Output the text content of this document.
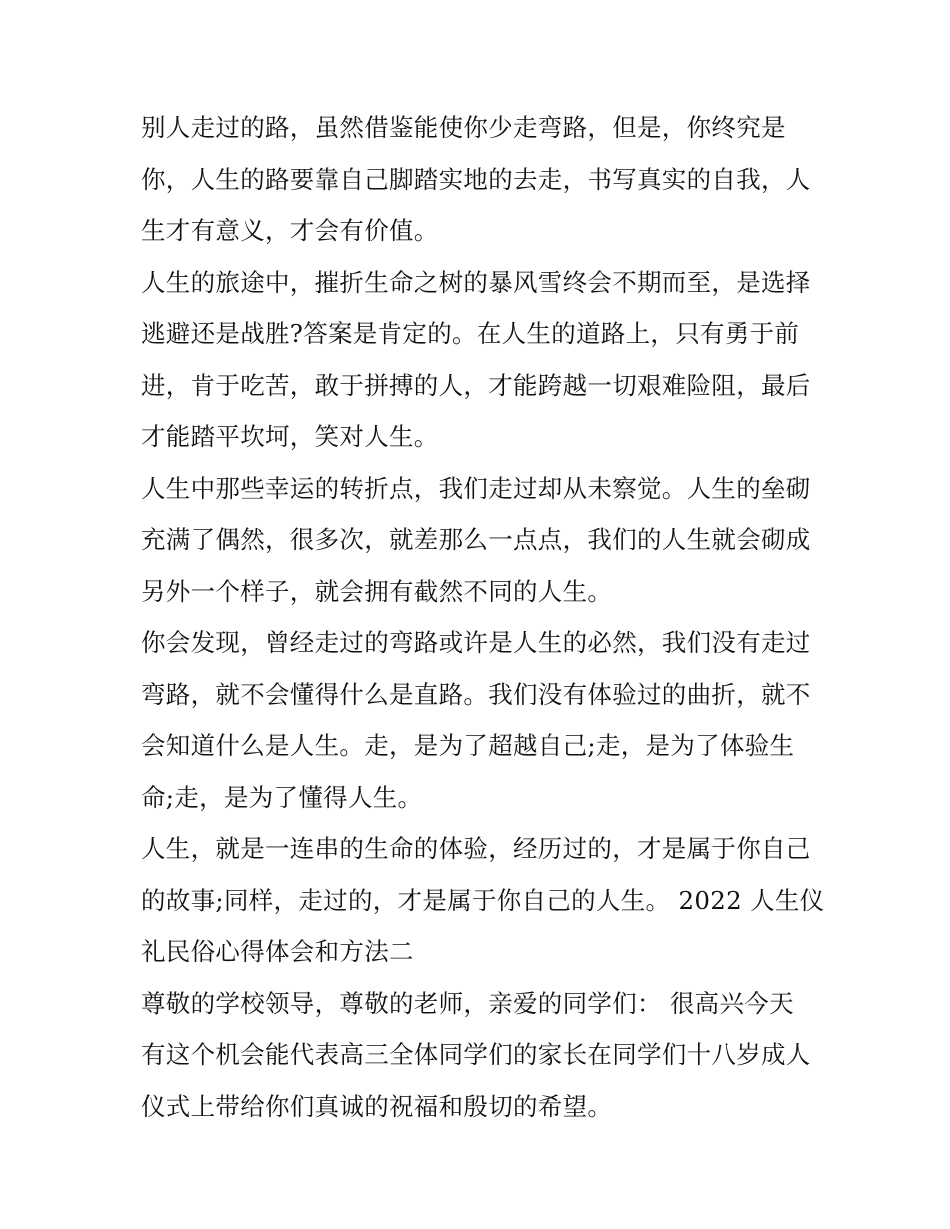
别人走过的路，虽然借鉴能使你少走弯路，但是，你终究是
你，人生的路要靠自己脚踏实地的去走，书写真实的自我，人
生才有意义，才会有价值。
人生的旅途中，摧折生命之树的暴风雪终会不期而至，是选择
逃避还是战胜?答案是肯定的。在人生的道路上，只有勇于前
进，肯于吃苦，敢于拼搏的人，才能跨越一切艰难险阻，最后
才能踏平坎坷，笑对人生。
人生中那些幸运的转折点，我们走过却从未察觉。人生的垒砌
充满了偶然，很多次，就差那么一点点，我们的人生就会砌成
另外一个样子，就会拥有截然不同的人生。
你会发现，曾经走过的弯路或许是人生的必然，我们没有走过
弯路，就不会懂得什么是直路。我们没有体验过的曲折，就不
会知道什么是人生。走，是为了超越自己;走，是为了体验生
命;走，是为了懂得人生。
人生，就是一连串的生命的体验，经历过的，才是属于你自己
的故事;同样，走过的，才是属于你自己的人生。 2022 人生仪
礼民俗心得体会和方法二
尊敬的学校领导，尊敬的老师，亲爱的同学们： 很高兴今天
有这个机会能代表高三全体同学们的家长在同学们十八岁成人
仪式上带给你们真诚的祝福和殷切的希望。
